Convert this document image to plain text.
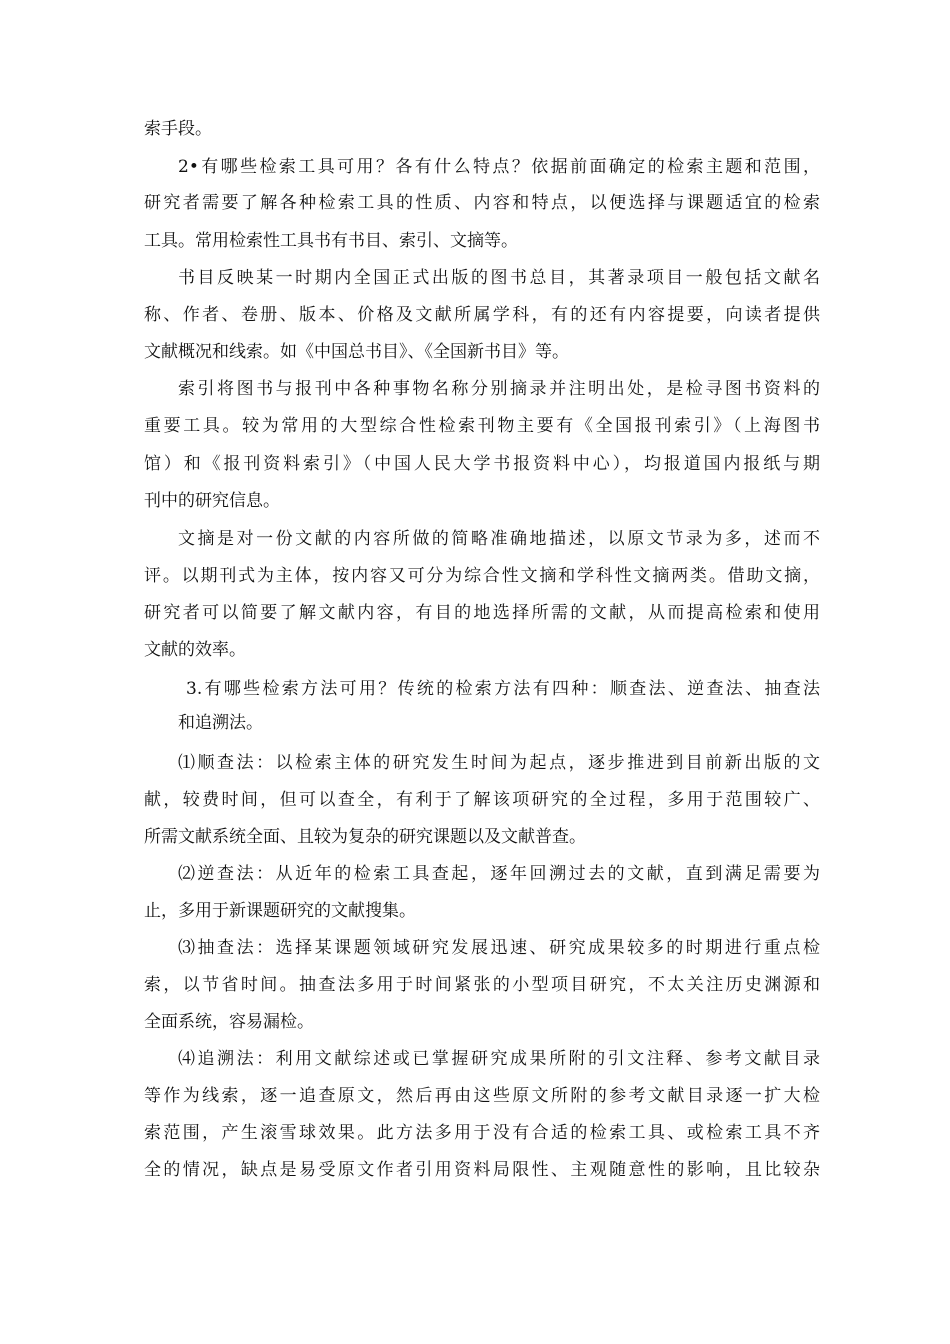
索手段。
2•有哪些检索工具可用？各有什么特点？依据前面确定的检索主题和范围，
研究者需要了解各种检索工具的性质、内容和特点，以便选择与课题适宜的检索
工具。常用检索性工具书有书目、索引、文摘等。
书目反映某一时期内全国正式出版的图书总目，其著录项目一般包括文献名
称、作者、卷册、版本、价格及文献所属学科，有的还有内容提要，向读者提供
文献概况和线索。如《中国总书目》、《全国新书目》等。
索引将图书与报刊中各种事物名称分别摘录并注明出处，是检寻图书资料的
重要工具。较为常用的大型综合性检索刊物主要有《全国报刊索引》（上海图书
馆）和《报刊资料索引》（中国人民大学书报资料中心），均报道国内报纸与期
刊中的研究信息。
文摘是对一份文献的内容所做的简略准确地描述，以原文节录为多，述而不
评。以期刊式为主体，按内容又可分为综合性文摘和学科性文摘两类。借助文摘，
研究者可以简要了解文献内容，有目的地选择所需的文献，从而提高检索和使用
文献的效率。
3.有哪些检索方法可用？传统的检索方法有四种：顺查法、逆查法、抽查法
和追溯法。
⑴顺查法：以检索主体的研究发生时间为起点，逐步推进到目前新出版的文
献，较费时间，但可以查全，有利于了解该项研究的全过程，多用于范围较广、
所需文献系统全面、且较为复杂的研究课题以及文献普查。
⑵逆查法：从近年的检索工具查起，逐年回溯过去的文献，直到满足需要为
止，多用于新课题研究的文献搜集。
⑶抽查法：选择某课题领域研究发展迅速、研究成果较多的时期进行重点检
索，以节省时间。抽查法多用于时间紧张的小型项目研究，不太关注历史渊源和
全面系统，容易漏检。
⑷追溯法：利用文献综述或已掌握研究成果所附的引文注释、参考文献目录
等作为线索，逐一追查原文，然后再由这些原文所附的参考文献目录逐一扩大检
索范围，产生滚雪球效果。此方法多用于没有合适的检索工具、或检索工具不齐
全的情况，缺点是易受原文作者引用资料局限性、主观随意性的影响，且比较杂
